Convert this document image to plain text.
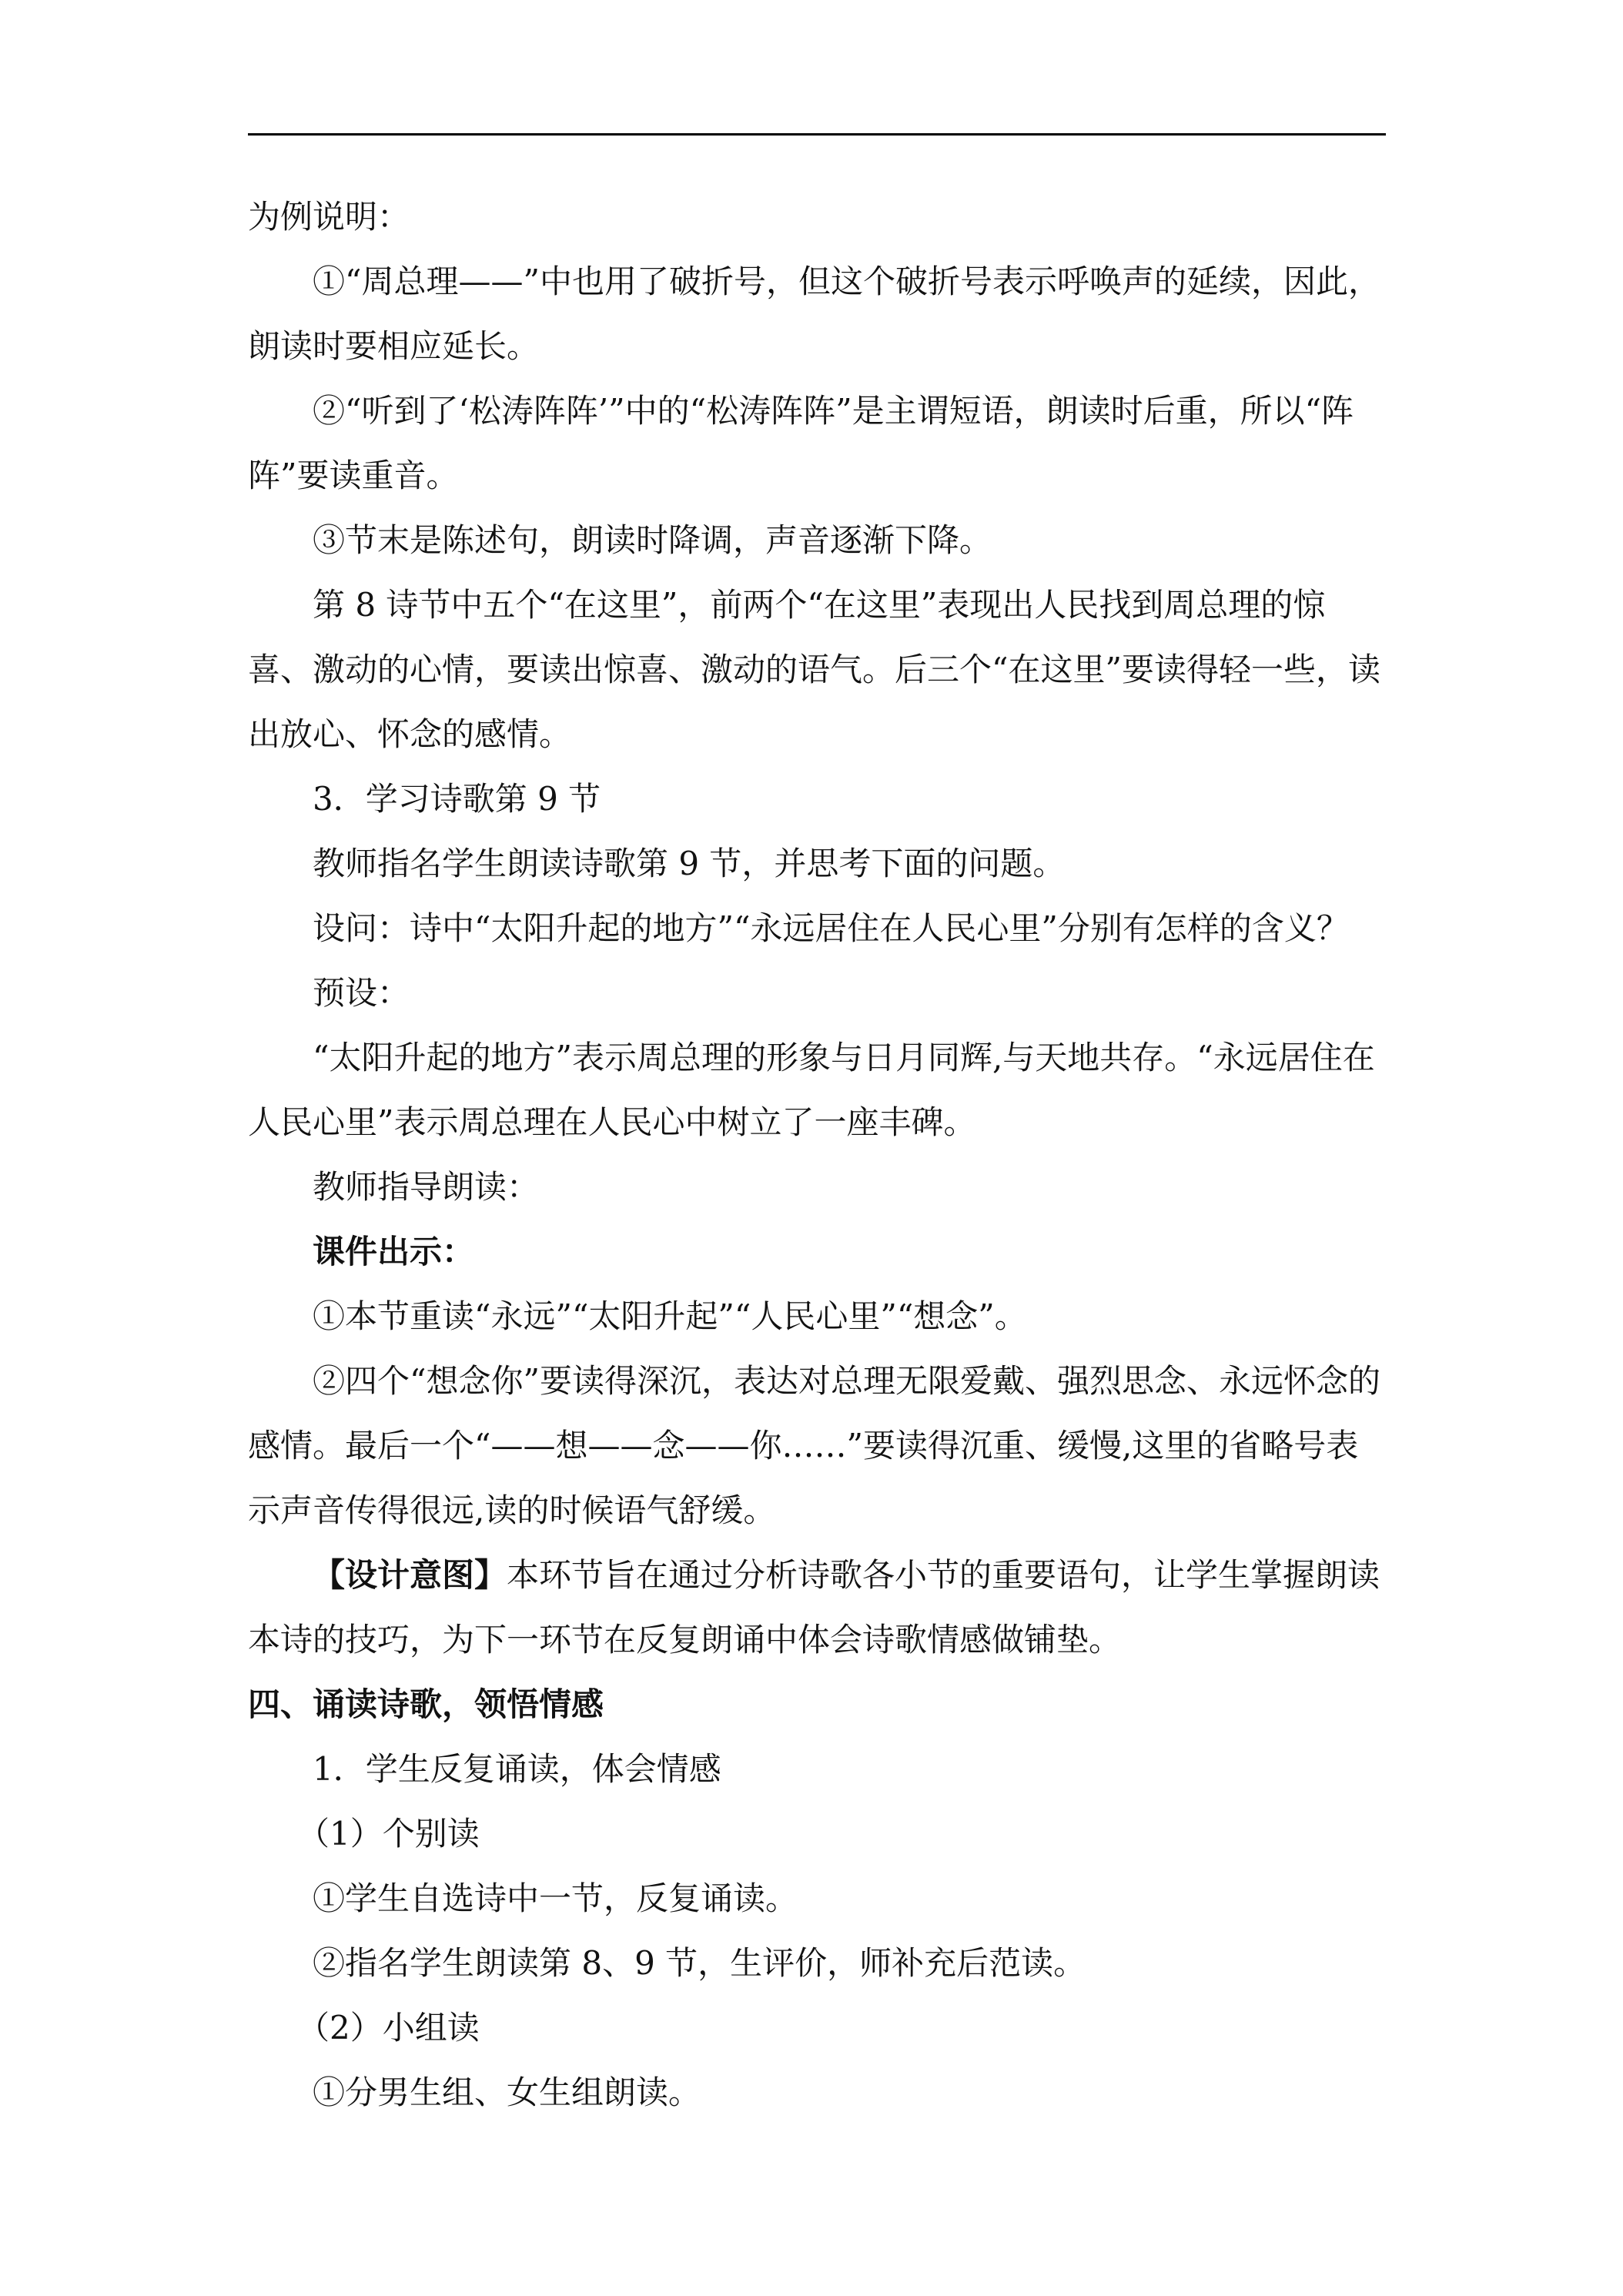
为例说明：

①“周总理——”中也用了破折号，但这个破折号表示呼唤声的延续，因此，朗读时要相应延长。

②“听到了‘松涛阵阵’”中的“松涛阵阵”是主谓短语，朗读时后重，所以“阵阵”要读重音。

③节末是陈述句，朗读时降调，声音逐渐下降。

第 8 诗节中五个“在这里”，前两个“在这里”表现出人民找到周总理的惊喜、激动的心情，要读出惊喜、激动的语气。后三个“在这里”要读得轻一些，读出放心、怀念的感情。

3．学习诗歌第 9 节

教师指名学生朗读诗歌第 9 节，并思考下面的问题。

设问：诗中“太阳升起的地方”“永远居住在人民心里”分别有怎样的含义？

预设：

“太阳升起的地方”表示周总理的形象与日月同辉,与天地共存。“永远居住在人民心里”表示周总理在人民心中树立了一座丰碑。

教师指导朗读：

课件出示：

①本节重读“永远”“太阳升起”“人民心里”“想念”。

②四个“想念你”要读得深沉，表达对总理无限爱戴、强烈思念、永远怀念的感情。最后一个“——想——念——你……”要读得沉重、缓慢,这里的省略号表示声音传得很远,读的时候语气舒缓。

【设计意图】本环节旨在通过分析诗歌各小节的重要语句，让学生掌握朗读本诗的技巧，为下一环节在反复朗诵中体会诗歌情感做铺垫。

四、诵读诗歌，领悟情感

1．学生反复诵读，体会情感

（1）个别读

①学生自选诗中一节，反复诵读。

②指名学生朗读第 8、9 节，生评价，师补充后范读。

（2）小组读

①分男生组、女生组朗读。
